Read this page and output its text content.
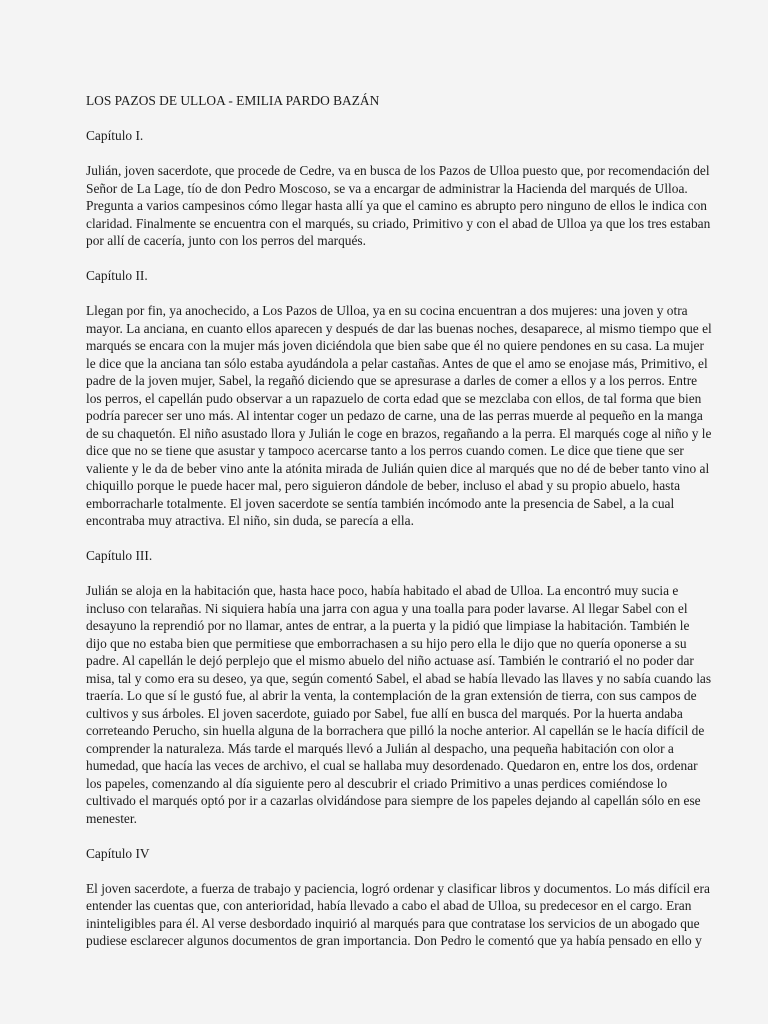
LOS PAZOS DE ULLOA - EMILIA PARDO BAZÁN

Capítulo I.

Julián, joven sacerdote, que procede de Cedre, va en busca de los Pazos de Ulloa puesto que, por recomendación del
Señor de La Lage, tío de don Pedro Moscoso, se va a encargar de administrar la Hacienda del marqués de Ulloa.
Pregunta a varios campesinos cómo llegar hasta allí ya que el camino es abrupto pero ninguno de ellos le indica con
claridad. Finalmente se encuentra con el marqués, su criado, Primitivo y con el abad de Ulloa ya que los tres estaban
por allí de cacería, junto con los perros del marqués.

Capítulo II.

Llegan por fin, ya anochecido, a Los Pazos de Ulloa, ya en su cocina encuentran a dos mujeres: una joven y otra
mayor. La anciana, en cuanto ellos aparecen y después de dar las buenas noches, desaparece, al mismo tiempo que el
marqués se encara con la mujer más joven diciéndola que bien sabe que él no quiere pendones en su casa. La mujer
le dice que la anciana tan sólo estaba ayudándola a pelar castañas. Antes de que el amo se enojase más, Primitivo, el
padre de la joven mujer, Sabel, la regañó diciendo que se apresurase a darles de comer a ellos y a los perros. Entre
los perros, el capellán pudo observar a un rapazuelo de corta edad que se mezclaba con ellos, de tal forma que bien
podría parecer ser uno más. Al intentar coger un pedazo de carne, una de las perras muerde al pequeño en la manga
de su chaquetón. El niño asustado llora y Julián le coge en brazos, regañando a la perra. El marqués coge al niño y le
dice que no se tiene que asustar y tampoco acercarse tanto a los perros cuando comen. Le dice que tiene que ser
valiente y le da de beber vino ante la atónita mirada de Julián quien dice al marqués que no dé de beber tanto vino al
chiquillo porque le puede hacer mal, pero siguieron dándole de beber, incluso el abad y su propio abuelo, hasta
emborracharle totalmente. El joven sacerdote se sentía también incómodo ante la presencia de Sabel, a la cual
encontraba muy atractiva. El niño, sin duda, se parecía a ella.

Capítulo III.

Julián se aloja en la habitación que, hasta hace poco, había habitado el abad de Ulloa. La encontró muy sucia e
incluso con telarañas. Ni siquiera había una jarra con agua y una toalla para poder lavarse. Al llegar Sabel con el
desayuno la reprendió por no llamar, antes de entrar, a la puerta y la pidió que limpiase la habitación. También le
dijo que no estaba bien que permitiese que emborrachasen a su hijo pero ella le dijo que no quería oponerse a su
padre. Al capellán le dejó perplejo que el mismo abuelo del niño actuase así. También le contrarió el no poder dar
misa, tal y como era su deseo, ya que, según comentó Sabel, el abad se había llevado las llaves y no sabía cuando las
traería. Lo que sí le gustó fue, al abrir la venta, la contemplación de la gran extensión de tierra, con sus campos de
cultivos y sus árboles. El joven sacerdote, guiado por Sabel, fue allí en busca del marqués. Por la huerta andaba
correteando Perucho, sin huella alguna de la borrachera que pilló la noche anterior. Al capellán se le hacía difícil de
comprender la naturaleza. Más tarde el marqués llevó a Julián al despacho, una pequeña habitación con olor a
humedad, que hacía las veces de archivo, el cual se hallaba muy desordenado. Quedaron en, entre los dos, ordenar
los papeles, comenzando al día siguiente pero al descubrir el criado Primitivo a unas perdices comiéndose lo
cultivado el marqués optó por ir a cazarlas olvidándose para siempre de los papeles dejando al capellán sólo en ese
menester.

Capítulo IV

El joven sacerdote, a fuerza de trabajo y paciencia, logró ordenar y clasificar libros y documentos. Lo más difícil era
entender las cuentas que, con anterioridad, había llevado a cabo el abad de Ulloa, su predecesor en el cargo. Eran
ininteligibles para él. Al verse desbordado inquirió al marqués para que contratase los servicios de un abogado que
pudiese esclarecer algunos documentos de gran importancia. Don Pedro le comentó que ya había pensado en ello y
